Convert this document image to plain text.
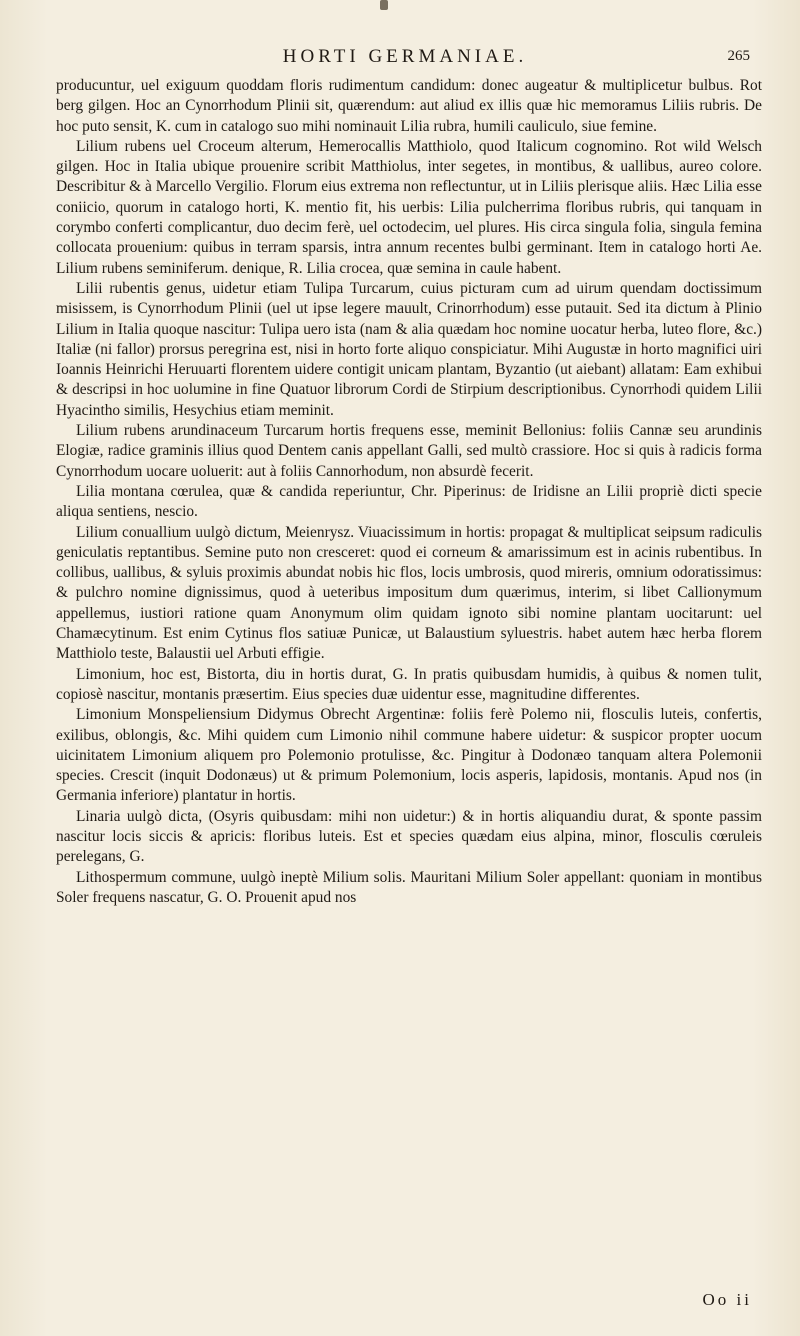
HORTI GERMANIAE.	265

producuntur, uel exiguum quoddam floris rudimentum candidum: donec augeatur & multiplicetur bulbus. Rot berg gilgen. Hoc an Cynorrhodum Plinii sit, quærendum: aut aliud ex illis quæ hic memoramus Liliis rubris. De hoc puto sensit, K. cum in catalogo suo mihi nominauit Lilia rubra, humili cauliculo, siue femine.

Lilium rubens uel Croceum alterum, Hemerocallis Matthiolo, quod Italicum cognomino. Rot wild Welsch gilgen. Hoc in Italia ubique prouenire scribit Matthiolus, inter segetes, in montibus, & uallibus, aureo colore. Describitur & à Marcello Vergilio. Florum eius extrema non reflectuntur, ut in Liliis plerisque aliis. Hæc Lilia esse coniicio, quorum in catalogo horti, K. mentio fit, his uerbis: Lilia pulcherrima floribus rubris, qui tanquam in corymbo conferti complicantur, duo decim ferè, uel octodecim, uel plures. His circa singula folia, singula femina collocata prouenium: quibus in terram sparsis, intra annum recentes bulbi germinant. Item in catalogo horti Ae. Lilium rubens seminiferum. denique, R. Lilia crocea, quæ semina in caule habent.

Lilii rubentis genus, uidetur etiam Tulipa Turcarum, cuius picturam cum ad uirum quendam doctissimum misissem, is Cynorrhodum Plinii (uel ut ipse legere mauult, Crinorrhodum) esse putauit. Sed ita dictum à Plinio Lilium in Italia quoque nascitur: Tulipa uero ista (nam & alia quædam hoc nomine uocatur herba, luteo flore, &c.) Italiæ (ni fallor) prorsus peregrina est, nisi in horto forte aliquo conspiciatur. Mihi Augustæ in horto magnifici uiri Ioannis Heinrichi Heruuarti florentem uidere contigit unicam plantam, Byzantio (ut aiebant) allatam: Eam exhibui & descripsi in hoc uolumine in fine Quatuor librorum Cordi de Stirpium descriptionibus. Cynorrhodi quidem Lilii Hyacintho similis, Hesychius etiam meminit.

Lilium rubens arundinaceum Turcarum hortis frequens esse, meminit Bellonius: foliis Cannæ seu arundinis Elogiæ, radice graminis illius quod Dentem canis appellant Galli, sed multò crassiore. Hoc si quis à radicis forma Cynorrhodum uocare uoluerit: aut à foliis Cannorhodum, non absurdè fecerit.

Lilia montana cœrulea, quæ & candida reperiuntur, Chr. Piperinus: de Iridisne an Lilii propriè dicti specie aliqua sentiens, nescio.

Lilium conuallium uulgò dictum, Meienrysz. Viuacissimum in hortis: propagat & multiplicat seipsum radiculis geniculatis reptantibus. Semine puto non cresceret: quod ei corneum & amarissimum est in acinis rubentibus. In collibus, uallibus, & syluis proximis abundat nobis hic flos, locis umbrosis, quod mireris, omnium odoratissimus: & pulchro nomine dignissimus, quod à ueteribus impositum dum quærimus, interim, si libet Callionymum appellemus, iustiori ratione quam Anonymum olim quidam ignoto sibi nomine plantam uocitarunt: uel Chamæcytinum. Est enim Cytinus flos satiuæ Punicæ, ut Balaustium syluestris. habet autem hæc herba florem Matthiolo teste, Balaustii uel Arbuti effigie.

Limonium, hoc est, Bistorta, diu in hortis durat, G. In pratis quibusdam humidis, à quibus & nomen tulit, copiosè nascitur, montanis præsertim. Eius species duæ uidentur esse, magnitudine differentes.

Limonium Monspeliensium Didymus Obrecht Argentinæ: foliis ferè Polemo nii, flosculis luteis, confertis, exilibus, oblongis, &c. Mihi quidem cum Limonio nihil commune habere uidetur: & suspicor propter uocum uicinitatem Limonium aliquem pro Polemonio protulisse, &c. Pingitur à Dodonæo tanquam altera Polemonii species. Crescit (inquit Dodonæus) ut & primum Polemonium, locis asperis, lapidosis, montanis. Apud nos (in Germania inferiore) plantatur in hortis.

Linaria uulgò dicta, (Osyris quibusdam: mihi non uidetur:) & in hortis aliquandiu durat, & sponte passim nascitur locis siccis & apricis: floribus luteis. Est et species quædam eius alpina, minor, flosculis cœruleis perelegans, G.

Lithospermum commune, uulgò ineptè Milium solis. Mauritani Milium Soler appellant: quoniam in montibus Soler frequens nascatur, G. O. Prouenit apud nos

Oo ii
